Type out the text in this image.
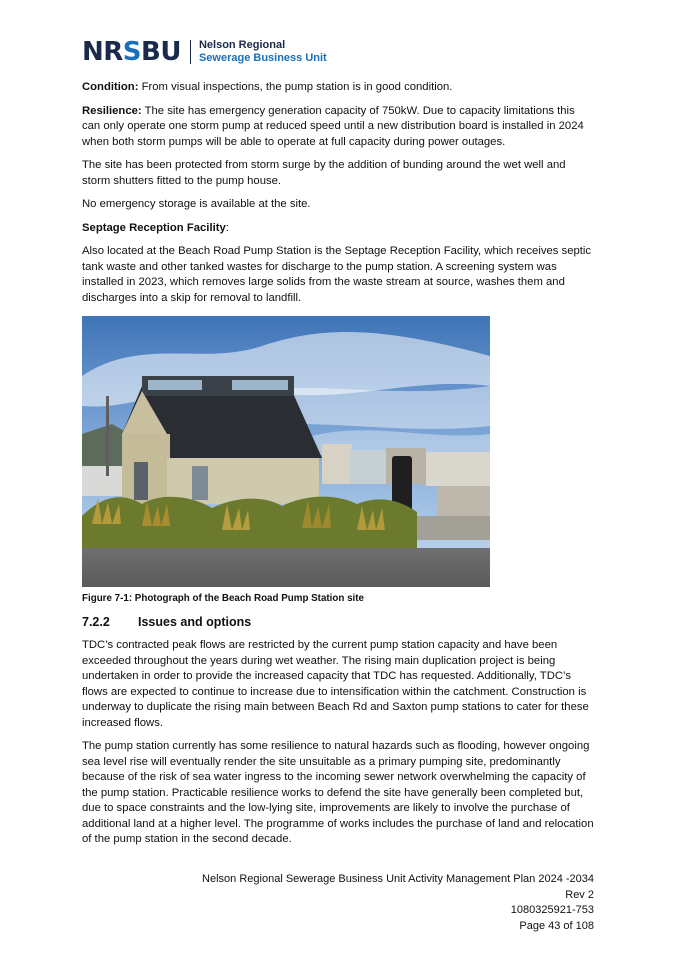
NRSBU Nelson Regional
Sewerage Business Unit

Condition: From visual inspections, the pump station is in good condition.

Resilience: The site has emergency generation capacity of 750kW. Due to capacity limitations this can only operate one storm pump at reduced speed until a new distribution board is installed in 2024 when both storm pumps will be able to operate at full capacity during power outages.

The site has been protected from storm surge by the addition of bunding around the wet well and storm shutters fitted to the pump house.

No emergency storage is available at the site.

Septage Reception Facility:

Also located at the Beach Road Pump Station is the Septage Reception Facility, which receives septic tank waste and other tanked wastes for discharge to the pump station. A screening system was installed in 2023, which removes large solids from the waste stream at source, washes them and discharges into a skip for removal to landfill.

Figure 7-1: Photograph of the Beach Road Pump Station site

7.2.2	Issues and options

TDC’s contracted peak flows are restricted by the current pump station capacity and have been exceeded throughout the years during wet weather. The rising main duplication project is being undertaken in order to provide the increased capacity that TDC has requested. Additionally, TDC’s flows are expected to continue to increase due to intensification within the catchment. Construction is underway to duplicate the rising main between Beach Rd and Saxton pump stations to cater for these increased flows.

The pump station currently has some resilience to natural hazards such as flooding, however ongoing sea level rise will eventually render the site unsuitable as a primary pumping site, predominantly because of the risk of sea water ingress to the incoming sewer network overwhelming the capacity of the pump station. Practicable resilience works to defend the site have generally been completed but, due to space constraints and the low-lying site, improvements are likely to involve the purchase of additional land at a higher level. The programme of works includes the purchase of land and relocation of the pump station in the second decade.

Nelson Regional Sewerage Business Unit Activity Management Plan 2024 -2034
Rev 2
1080325921-753
Page 43 of 108
